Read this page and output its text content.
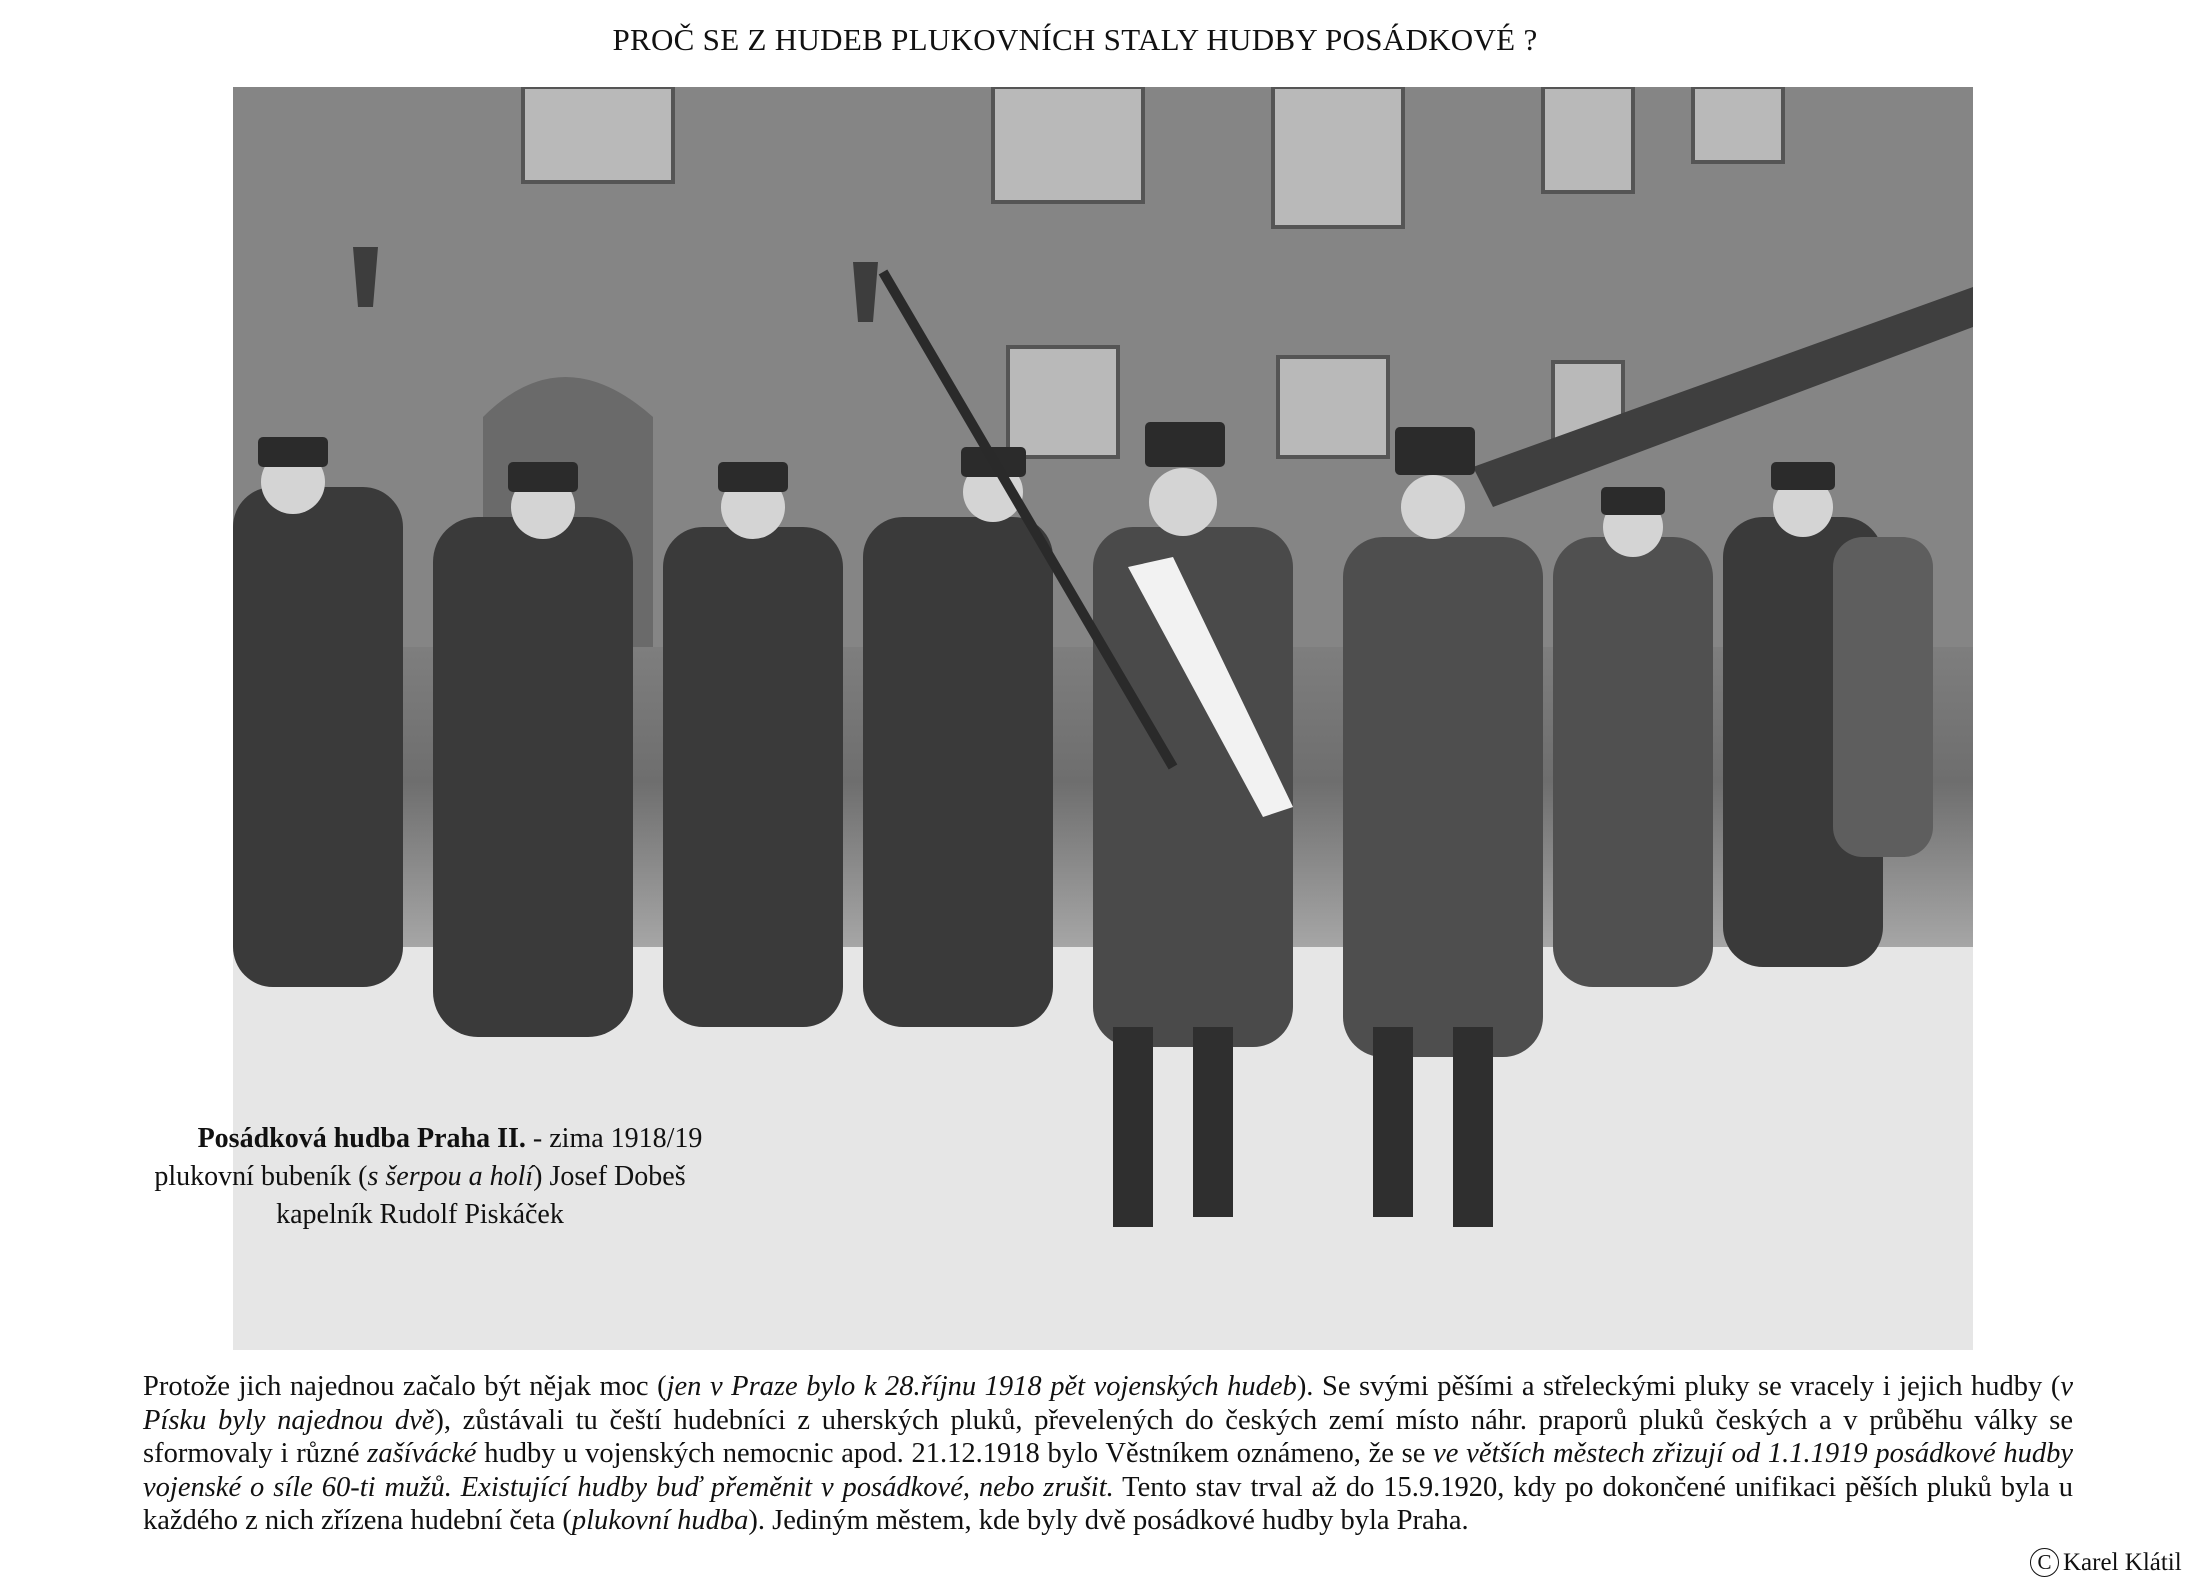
PROČ SE Z HUDEB PLUKOVNÍCH STALY HUDBY POSÁDKOVÉ ?
Posádková hudba Praha II. - zima 1918/19
plukovní bubeník (s šerpou a holí) Josef Dobeš
kapelník Rudolf Piskáček

Protože jich najednou začalo být nějak moc (jen v Praze bylo k 28.říjnu 1918 pět vojenských hudeb). Se svými pěšími a střeleckými pluky se vracely i jejich hudby (v Písku byly najednou dvě), zůstávali tu čeští hudebníci z uherských pluků, převelených do českých zemí místo náhr. praporů pluků českých a v průběhu války se sformovaly i různé zašívácké hudby u vojenských nemocnic apod. 21.12.1918 bylo Věstníkem oznámeno, že se ve větších městech zřizují od 1.1.1919 posádkové hudby vojenské o síle 60-ti mužů. Existující hudby buď přeměnit v posádkové, nebo zrušit. Tento stav trval až do 15.9.1920, kdy po dokončené unifikaci pěších pluků byla u každého z nich zřízena hudební četa (plukovní hudba). Jediným městem, kde byly dvě posádkové hudby byla Praha.

C Karel Klátil
